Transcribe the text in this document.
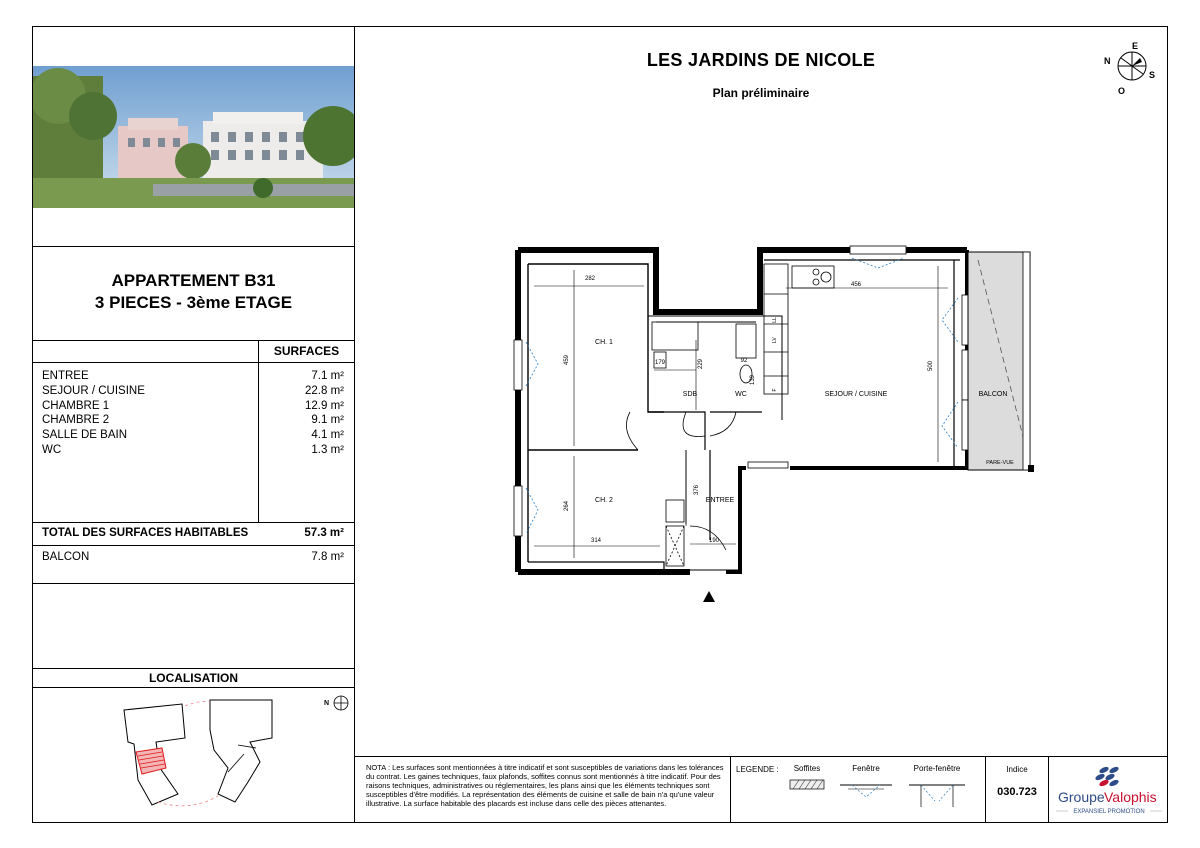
APPARTEMENT B31
3 PIECES - 3ème ETAGE
SURFACES
ENTREE	7.1 m²
SEJOUR / CUISINE	22.8 m²
CHAMBRE 1	12.9 m²
CHAMBRE 2	9.1 m²
SALLE DE BAIN	4.1 m²
WC	1.3 m²
TOTAL DES SURFACES HABITABLES	57.3 m²
BALCON	7.8 m²
LOCALISATION
N
LES JARDINS DE NICOLE
Plan préliminaire
N
E
S
O
CH. 1
CH. 2
SDB	WC	SEJOUR / CUISINE
ENTREE
BALCON
PARE-VUE
282
459	179	229	92
139
456
500
376
264
314	190
LL
LV
F
NOTA : Les surfaces sont mentionnées à titre indicatif et sont susceptibles de variations dans les tolérances du contrat. Les gaines techniques, faux plafonds, soffites connus sont mentionnés à titre indicatif. Pour des raisons techniques, administratives ou réglementaires, les plans ainsi que les éléments techniques sont susceptibles d'être modifiés. La représentation des éléments de cuisine et salle de bain n'a qu'une valeur illustrative. La surface habitable des placards est incluse dans celle des pièces attenantes.
LEGENDE :	Soffites	Fenêtre	Porte-fenêtre	Indice
030.723	Groupe Valophis
EXPANSIEL PROMOTION
